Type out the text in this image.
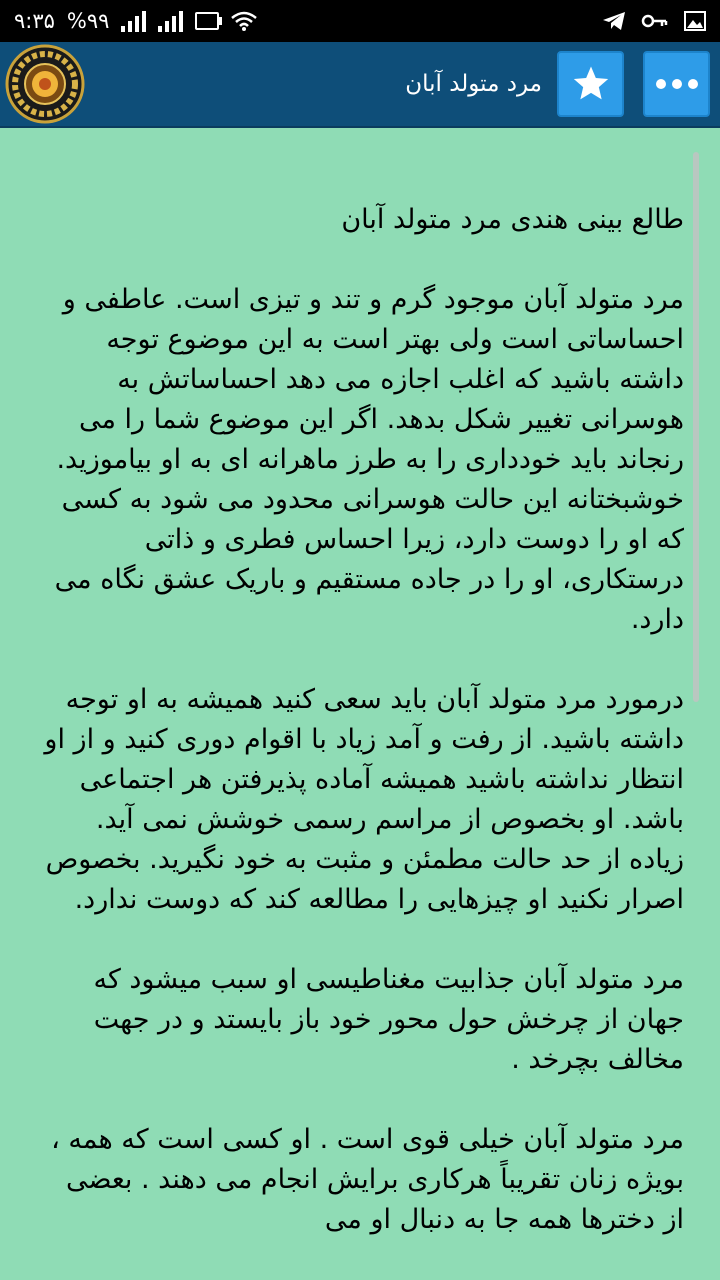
۹:۳۵ %۹۹
مرد متولد آبان
طالع بینی هندی مرد متولد آبان

مرد متولد آبان موجود گرم و تند و تیزی است. عاطفی و احساساتی است ولی بهتر است به این موضوع توجه داشته باشید که اغلب اجازه می دهد احساساتش به هوسرانی تغییر شکل بدهد. اگر این موضوع شما را می رنجاند باید خودداری را به طرز ماهرانه ای به او بیاموزید. خوشبختانه این حالت هوسرانی محدود می شود به کسی که او را دوست دارد، زیرا احساس فطری و ذاتی درستکاری، او را در جاده مستقیم و باریک عشق نگاه می دارد.

درمورد مرد متولد آبان باید سعی کنید همیشه به او توجه داشته باشید. از رفت و آمد زیاد با اقوام دوری کنید و از او انتظار نداشته باشید همیشه آماده پذیرفتن هر اجتماعی باشد. او بخصوص از مراسم رسمی خوشش نمی آید. زیاده از حد حالت مطمئن و مثبت به خود نگیرید. بخصوص اصرار نکنید او چیزهایی را مطالعه کند که دوست ندارد.

مرد متولد آبان جذابیت مغناطیسی او سبب میشود که جهان از چرخش حول محور خود باز بایستد و در جهت مخالف بچرخد .

مرد متولد آبان خیلی قوی است . او کسی است که همه ، بویژه زنان تقریباً هرکاری برایش انجام می دهند . بعضی از دخترها همه جا به دنبال او می
